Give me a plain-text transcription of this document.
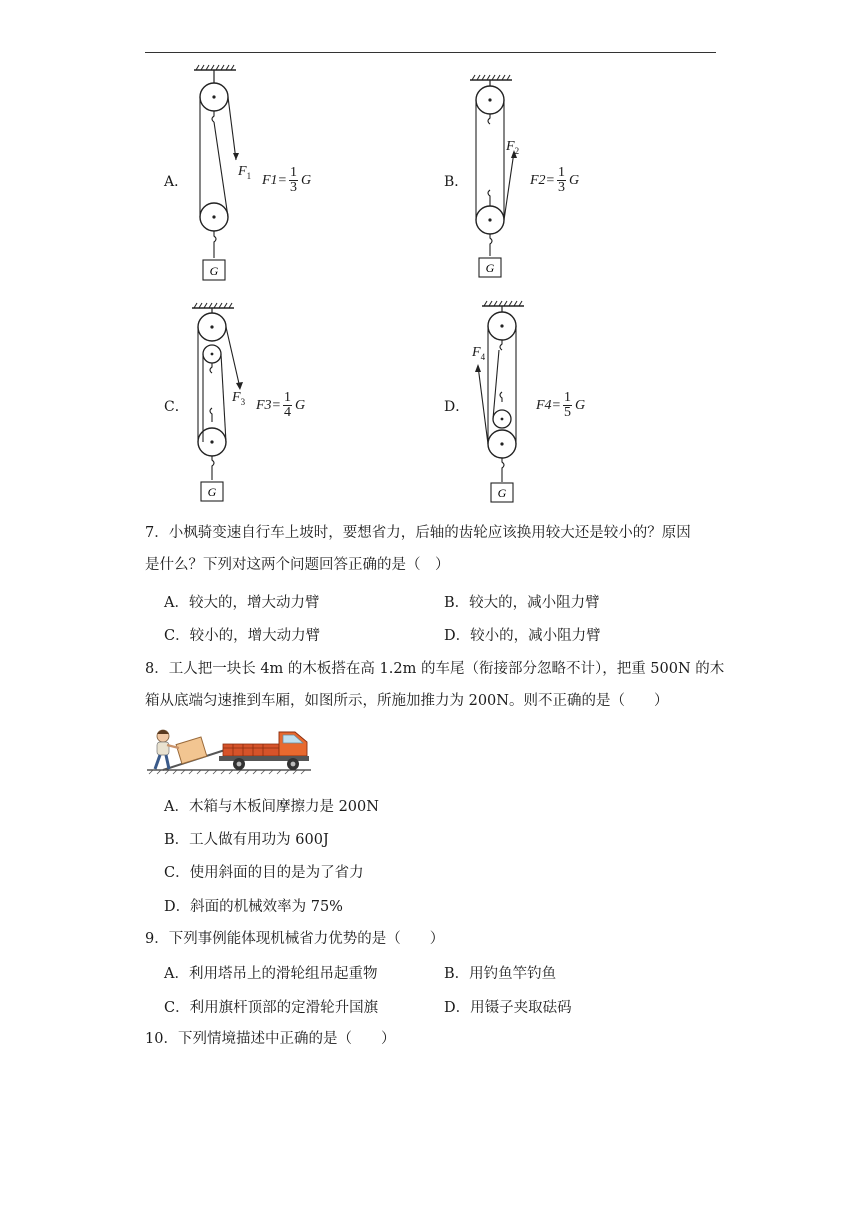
A．
G
$F_1$ $F1= \frac{1}{3}$ G	B．
G
$F_2$
$F2= \frac{1}{3}$ G
C．
G
$F_3$ $F3= \frac{1}{4}$ G	D．
G
$F_4$
$F4= \frac{1}{5}$ G
7．小枫骑变速自行车上坡时，要想省力，后轴的齿轮应该换用较大还是较小的？原因
是什么？下列对这两个问题回答正确的是（　）
A．较大的，增大动力臂	B．较大的，减小阻力臂
C．较小的，增大动力臂	D．较小的，减小阻力臂
8．工人把一块长 4m 的木板搭在高 1.2m 的车尾（衔接部分忽略不计），把重 500N 的木
箱从底端匀速推到车厢，如图所示，所施加推力为 200N。则不正确的是（　　）
A．木箱与木板间摩擦力是 200N
B．工人做有用功为 600J
C．使用斜面的目的是为了省力
D．斜面的机械效率为 75%
9．下列事例能体现机械省力优势的是（　　）
A．利用塔吊上的滑轮组吊起重物	B．用钓鱼竿钓鱼
C．利用旗杆顶部的定滑轮升国旗	D．用镊子夹取砝码
10．下列情境描述中正确的是（　　）
